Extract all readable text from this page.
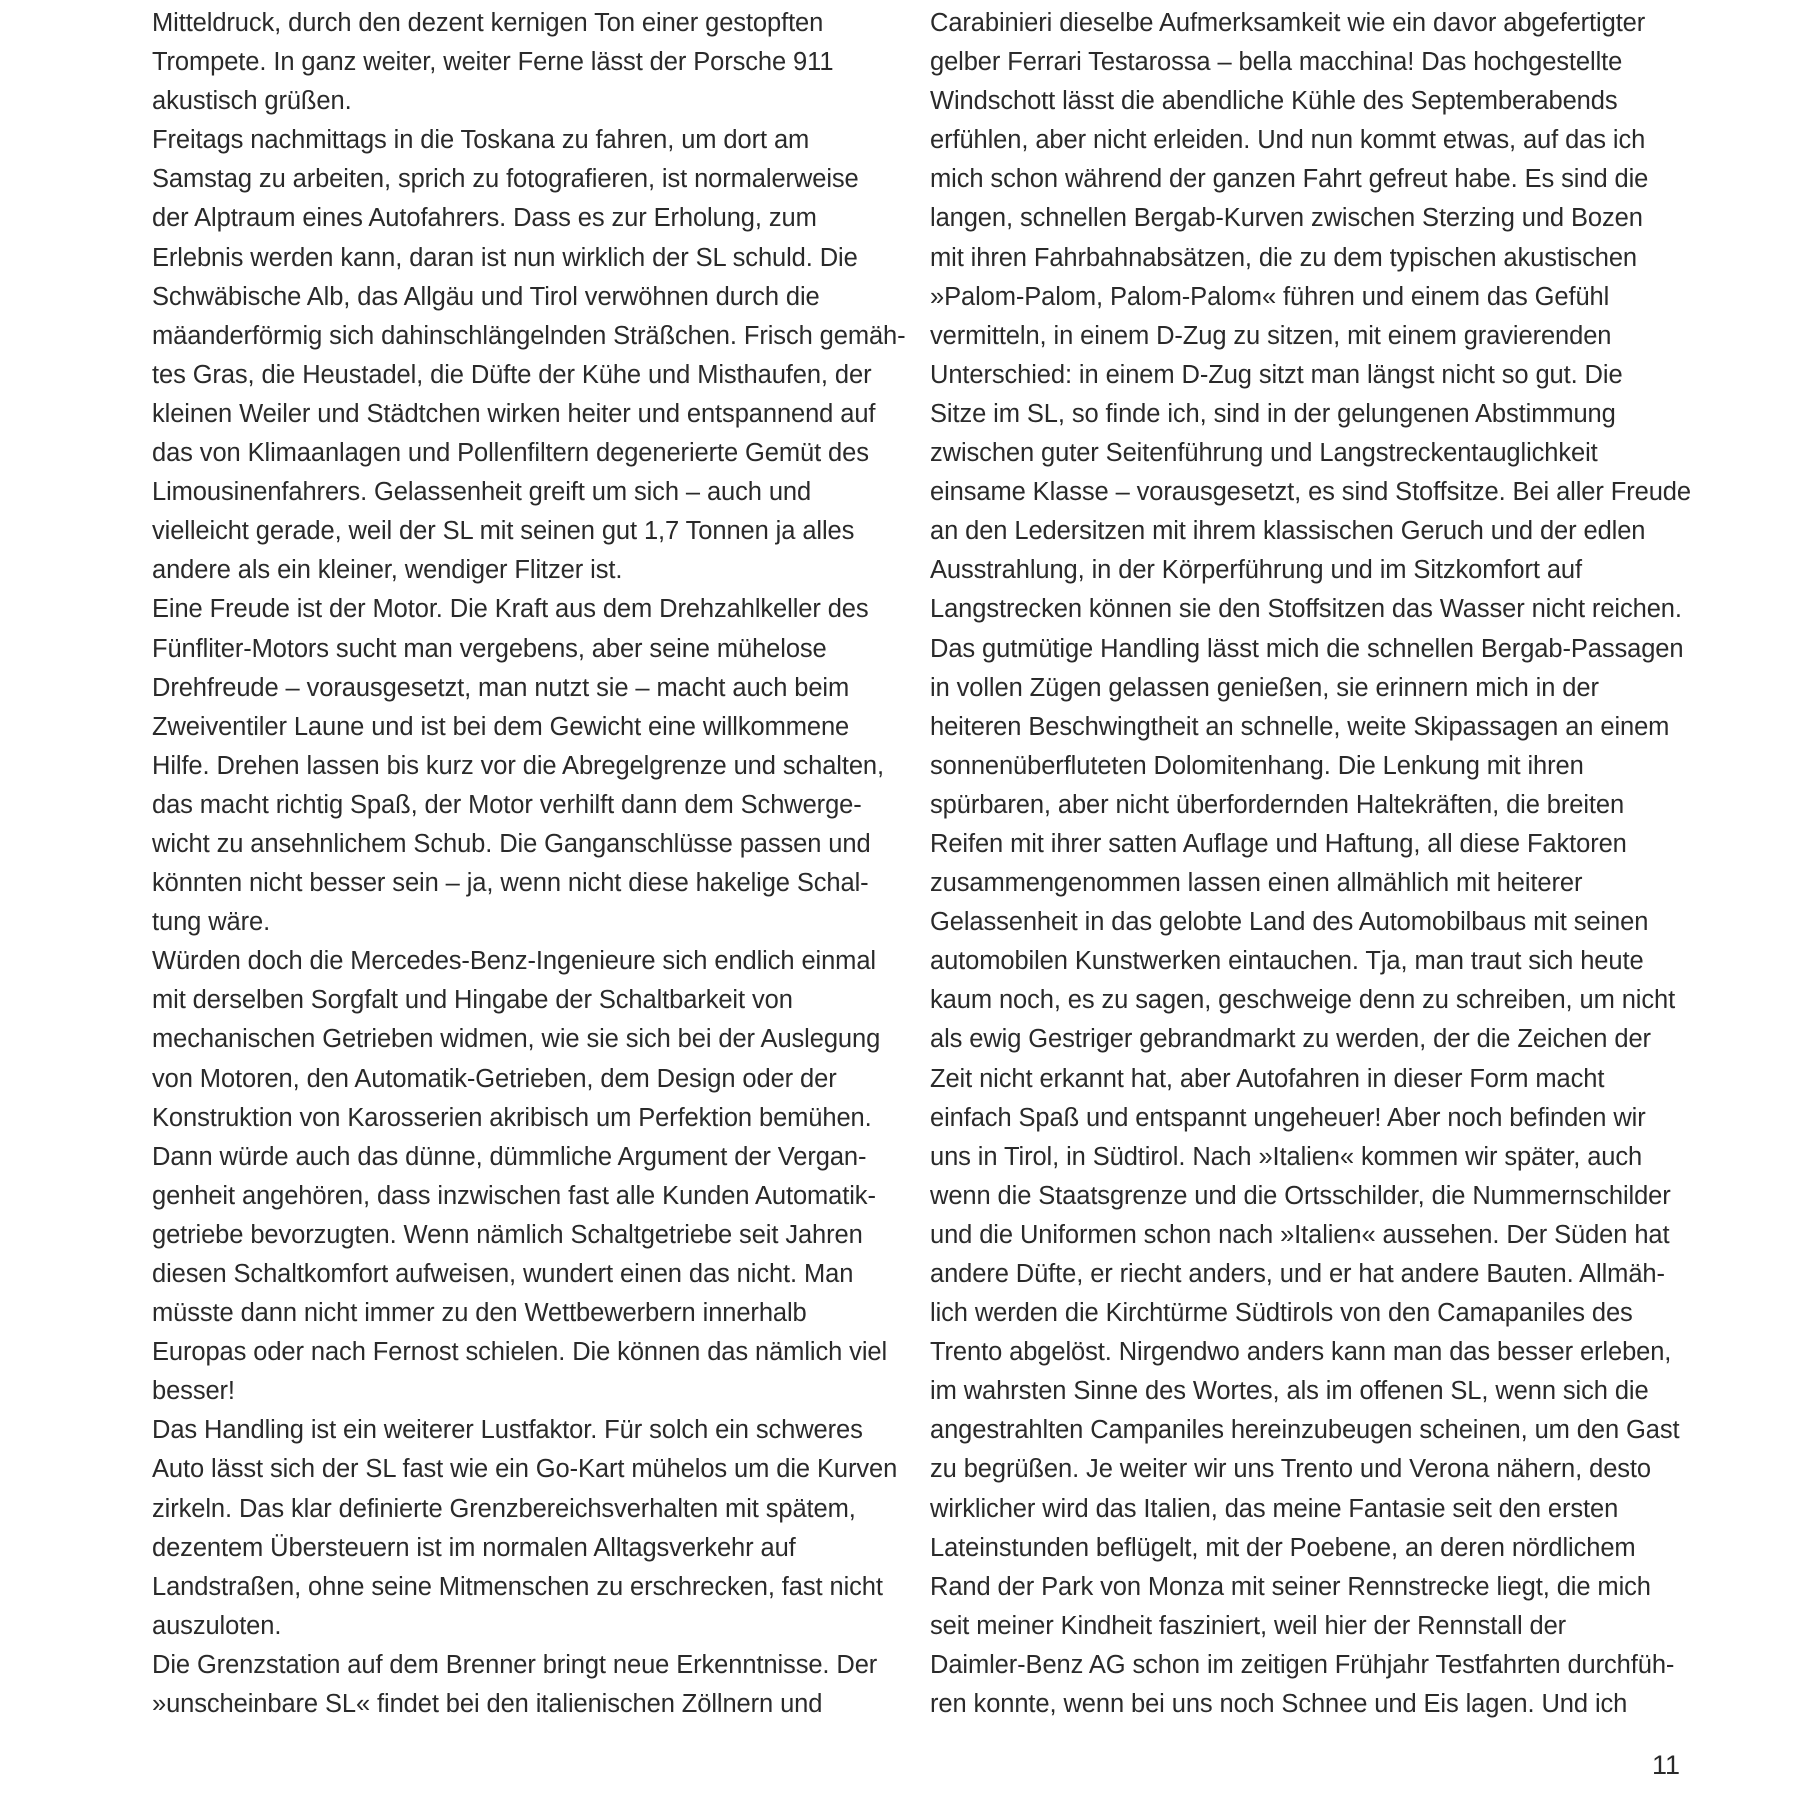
Mitteldruck, durch den dezent kernigen Ton einer gestopften
Trompete. In ganz weiter, weiter Ferne lässt der Porsche 911
akustisch grüßen.
Freitags nachmittags in die Toskana zu fahren, um dort am
Samstag zu arbeiten, sprich zu fotografieren, ist normalerweise
der Alptraum eines Autofahrers. Dass es zur Erholung, zum
Erlebnis werden kann, daran ist nun wirklich der SL schuld. Die
Schwäbische Alb, das Allgäu und Tirol verwöhnen durch die
mäanderförmig sich dahinschlängelnden Sträßchen. Frisch gemäh-
tes Gras, die Heustadel, die Düfte der Kühe und Misthaufen, der
kleinen Weiler und Städtchen wirken heiter und entspannend auf
das von Klimaanlagen und Pollenfiltern degenerierte Gemüt des
Limousinenfahrers. Gelassenheit greift um sich – auch und
vielleicht gerade, weil der SL mit seinen gut 1,7 Tonnen ja alles
andere als ein kleiner, wendiger Flitzer ist.
Eine Freude ist der Motor. Die Kraft aus dem Drehzahlkeller des
Fünfliter-Motors sucht man vergebens, aber seine mühelose
Drehfreude – vorausgesetzt, man nutzt sie – macht auch beim
Zweiventiler Laune und ist bei dem Gewicht eine willkommene
Hilfe. Drehen lassen bis kurz vor die Abregelgrenze und schalten,
das macht richtig Spaß, der Motor verhilft dann dem Schwerge-
wicht zu ansehnlichem Schub. Die Ganganschlüsse passen und
könnten nicht besser sein – ja, wenn nicht diese hakelige Schal-
tung wäre.
Würden doch die Mercedes-Benz-Ingenieure sich endlich einmal
mit derselben Sorgfalt und Hingabe der Schaltbarkeit von
mechanischen Getrieben widmen, wie sie sich bei der Auslegung
von Motoren, den Automatik-Getrieben, dem Design oder der
Konstruktion von Karosserien akribisch um Perfektion bemühen.
Dann würde auch das dünne, dümmliche Argument der Vergan-
genheit angehören, dass inzwischen fast alle Kunden Automatik-
getriebe bevorzugten. Wenn nämlich Schaltgetriebe seit Jahren
diesen Schaltkomfort aufweisen, wundert einen das nicht. Man
müsste dann nicht immer zu den Wettbewerbern innerhalb
Europas oder nach Fernost schielen. Die können das nämlich viel
besser!
Das Handling ist ein weiterer Lustfaktor. Für solch ein schweres
Auto lässt sich der SL fast wie ein Go-Kart mühelos um die Kurven
zirkeln. Das klar definierte Grenzbereichsverhalten mit spätem,
dezentem Übersteuern ist im normalen Alltagsverkehr auf
Landstraßen, ohne seine Mitmenschen zu erschrecken, fast nicht
auszuloten.
Die Grenzstation auf dem Brenner bringt neue Erkenntnisse. Der
»unscheinbare SL« findet bei den italienischen Zöllnern und
Carabinieri dieselbe Aufmerksamkeit wie ein davor abgefertigter
gelber Ferrari Testarossa – bella macchina! Das hochgestellte
Windschott lässt die abendliche Kühle des Septemberabends
erfühlen, aber nicht erleiden. Und nun kommt etwas, auf das ich
mich schon während der ganzen Fahrt gefreut habe. Es sind die
langen, schnellen Bergab-Kurven zwischen Sterzing und Bozen
mit ihren Fahrbahnabsätzen, die zu dem typischen akustischen
»Palom-Palom, Palom-Palom« führen und einem das Gefühl
vermitteln, in einem D-Zug zu sitzen, mit einem gravierenden
Unterschied: in einem D-Zug sitzt man längst nicht so gut. Die
Sitze im SL, so finde ich, sind in der gelungenen Abstimmung
zwischen guter Seitenführung und Langstreckentauglichkeit
einsame Klasse – vorausgesetzt, es sind Stoffsitze. Bei aller Freude
an den Ledersitzen mit ihrem klassischen Geruch und der edlen
Ausstrahlung, in der Körperführung und im Sitzkomfort auf
Langstrecken können sie den Stoffsitzen das Wasser nicht reichen.
Das gutmütige Handling lässt mich die schnellen Bergab-Passagen
in vollen Zügen gelassen genießen, sie erinnern mich in der
heiteren Beschwingtheit an schnelle, weite Skipassagen an einem
sonnenüberfluteten Dolomitenhang. Die Lenkung mit ihren
spürbaren, aber nicht überfordernden Haltekräften, die breiten
Reifen mit ihrer satten Auflage und Haftung, all diese Faktoren
zusammengenommen lassen einen allmählich mit heiterer
Gelassenheit in das gelobte Land des Automobilbaus mit seinen
automobilen Kunstwerken eintauchen. Tja, man traut sich heute
kaum noch, es zu sagen, geschweige denn zu schreiben, um nicht
als ewig Gestriger gebrandmarkt zu werden, der die Zeichen der
Zeit nicht erkannt hat, aber Autofahren in dieser Form macht
einfach Spaß und entspannt ungeheuer! Aber noch befinden wir
uns in Tirol, in Südtirol. Nach »Italien« kommen wir später, auch
wenn die Staatsgrenze und die Ortsschilder, die Nummernschilder
und die Uniformen schon nach »Italien« aussehen. Der Süden hat
andere Düfte, er riecht anders, und er hat andere Bauten. Allmäh-
lich werden die Kirchtürme Südtirols von den Camapaniles des
Trento abgelöst. Nirgendwo anders kann man das besser erleben,
im wahrsten Sinne des Wortes, als im offenen SL, wenn sich die
angestrahlten Campaniles hereinzubeugen scheinen, um den Gast
zu begrüßen. Je weiter wir uns Trento und Verona nähern, desto
wirklicher wird das Italien, das meine Fantasie seit den ersten
Lateinstunden beflügelt, mit der Poebene, an deren nördlichem
Rand der Park von Monza mit seiner Rennstrecke liegt, die mich
seit meiner Kindheit fasziniert, weil hier der Rennstall der
Daimler-Benz AG schon im zeitigen Frühjahr Testfahrten durchfüh-
ren konnte, wenn bei uns noch Schnee und Eis lagen. Und ich
11
